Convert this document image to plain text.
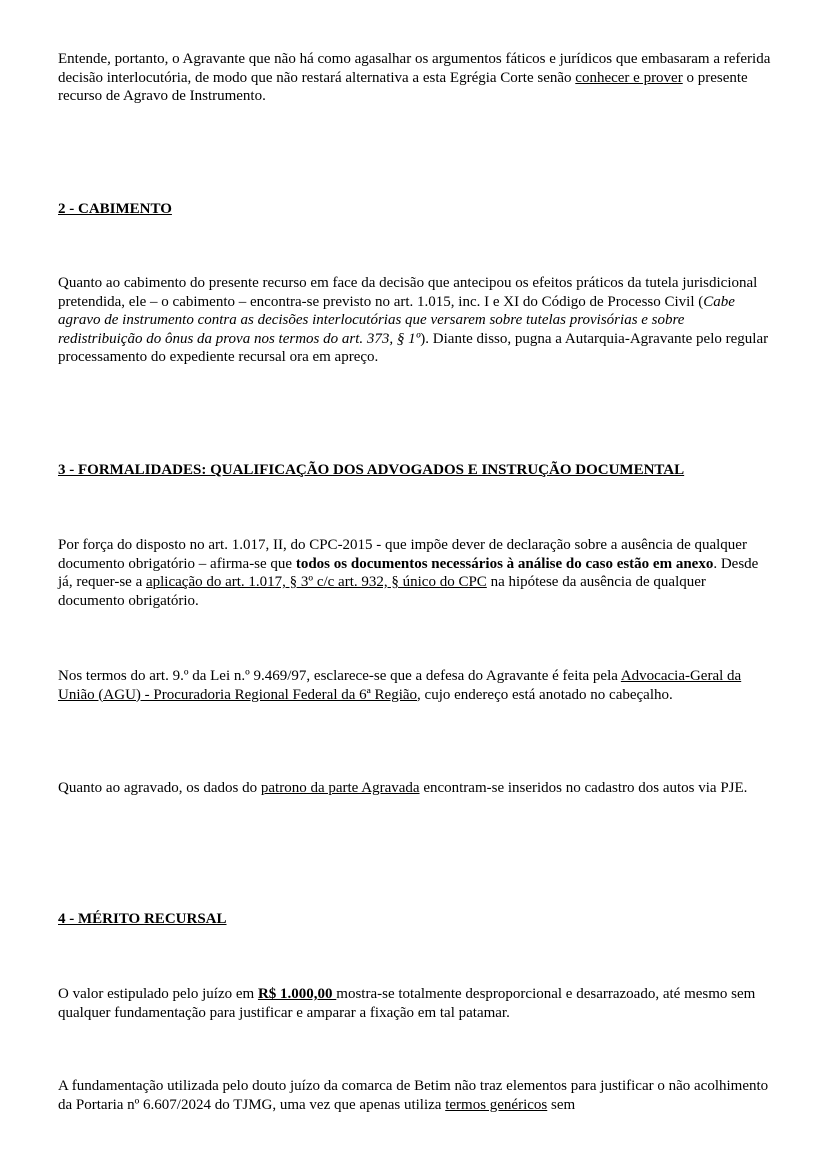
Entende, portanto, o Agravante que não há como agasalhar os argumentos fáticos e jurídicos que embasaram a referida decisão interlocutória, de modo que não restará alternativa a esta Egrégia Corte senão conhecer e prover o presente recurso de Agravo de Instrumento.

2 - CABIMENTO

Quanto ao cabimento do presente recurso em face da decisão que antecipou os efeitos práticos da tutela jurisdicional pretendida, ele – o cabimento – encontra-se previsto no art. 1.015, inc. I e XI do Código de Processo Civil (Cabe agravo de instrumento contra as decisões interlocutórias que versarem sobre tutelas provisórias e sobre redistribuição do ônus da prova nos termos do art. 373, § 1º). Diante disso, pugna a Autarquia-Agravante pelo regular processamento do expediente recursal ora em apreço.

3 - FORMALIDADES: QUALIFICAÇÃO DOS ADVOGADOS E INSTRUÇÃO DOCUMENTAL

Por força do disposto no art. 1.017, II, do CPC-2015 - que impõe dever de declaração sobre a ausência de qualquer documento obrigatório – afirma-se que todos os documentos necessários à análise do caso estão em anexo. Desde já, requer-se a aplicação do art. 1.017, § 3º c/c art. 932, § único do CPC na hipótese da ausência de qualquer documento obrigatório.

Nos termos do art. 9.º da Lei n.º 9.469/97, esclarece-se que a defesa do Agravante é feita pela Advocacia-Geral da União (AGU) - Procuradoria Regional Federal da 6ª Região, cujo endereço está anotado no cabeçalho.

Quanto ao agravado, os dados do patrono da parte Agravada encontram-se inseridos no cadastro dos autos via PJE.

4 - MÉRITO RECURSAL

O valor estipulado pelo juízo em R$ 1.000,00 mostra-se totalmente desproporcional e desarrazoado, até mesmo sem qualquer fundamentação para justificar e amparar a fixação em tal patamar.

A fundamentação utilizada pelo douto juízo da comarca de Betim não traz elementos para justificar o não acolhimento da Portaria nº 6.607/2024 do TJMG, uma vez que apenas utiliza termos genéricos sem
